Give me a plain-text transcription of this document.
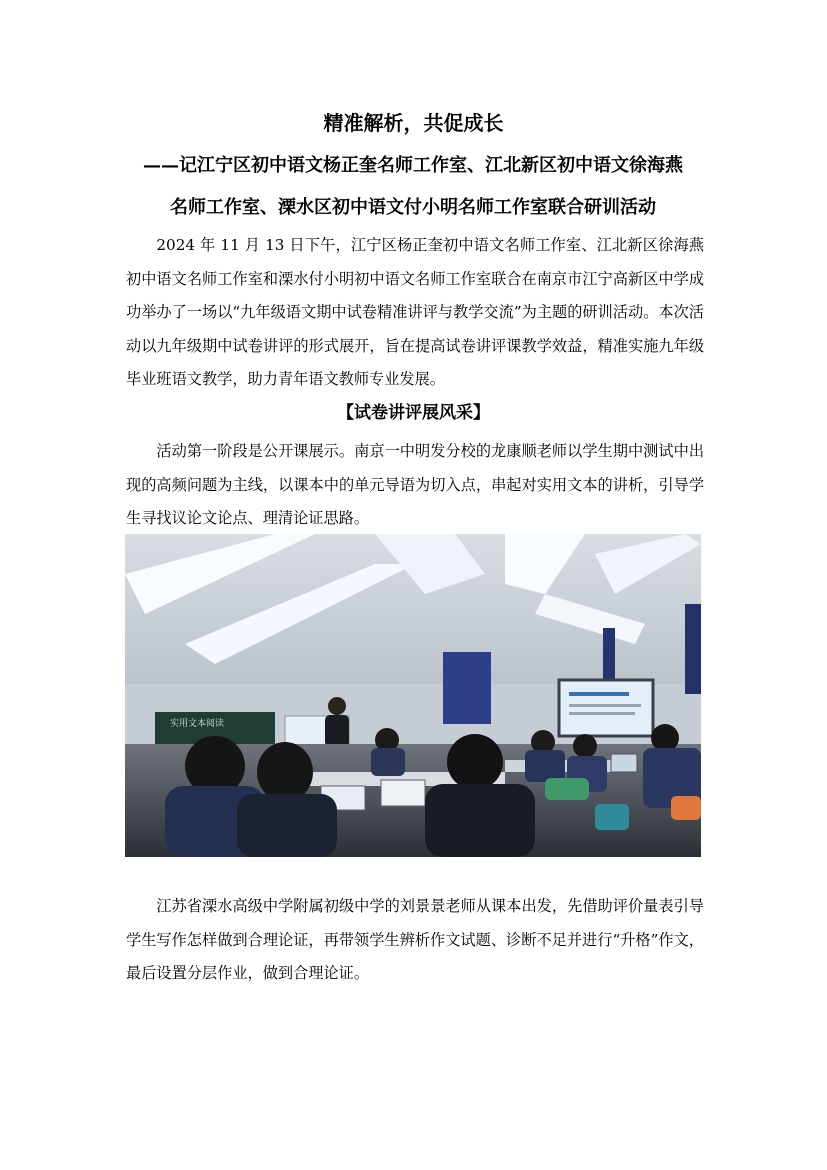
精准解析，共促成长
——记江宁区初中语文杨正奎名师工作室、江北新区初中语文徐海燕
名师工作室、溧水区初中语文付小明名师工作室联合研训活动

2024 年 11 月 13 日下午，江宁区杨正奎初中语文名师工作室、江北新区徐海燕初中语文名师工作室和溧水付小明初中语文名师工作室联合在南京市江宁高新区中学成功举办了一场以“九年级语文期中试卷精准讲评与教学交流”为主题的研训活动。本次活动以九年级期中试卷讲评的形式展开，旨在提高试卷讲评课教学效益，精准实施九年级毕业班语文教学，助力青年语文教师专业发展。

【试卷讲评展风采】

活动第一阶段是公开课展示。南京一中明发分校的龙康顺老师以学生期中测试中出现的高频问题为主线，以课本中的单元导语为切入点，串起对实用文本的讲析，引导学生寻找议论文论点、理清论证思路。

实用文本阅读

江苏省溧水高级中学附属初级中学的刘景景老师从课本出发，先借助评价量表引导学生写作怎样做到合理论证，再带领学生辨析作文试题、诊断不足并进行“升格”作文，最后设置分层作业，做到合理论证。
